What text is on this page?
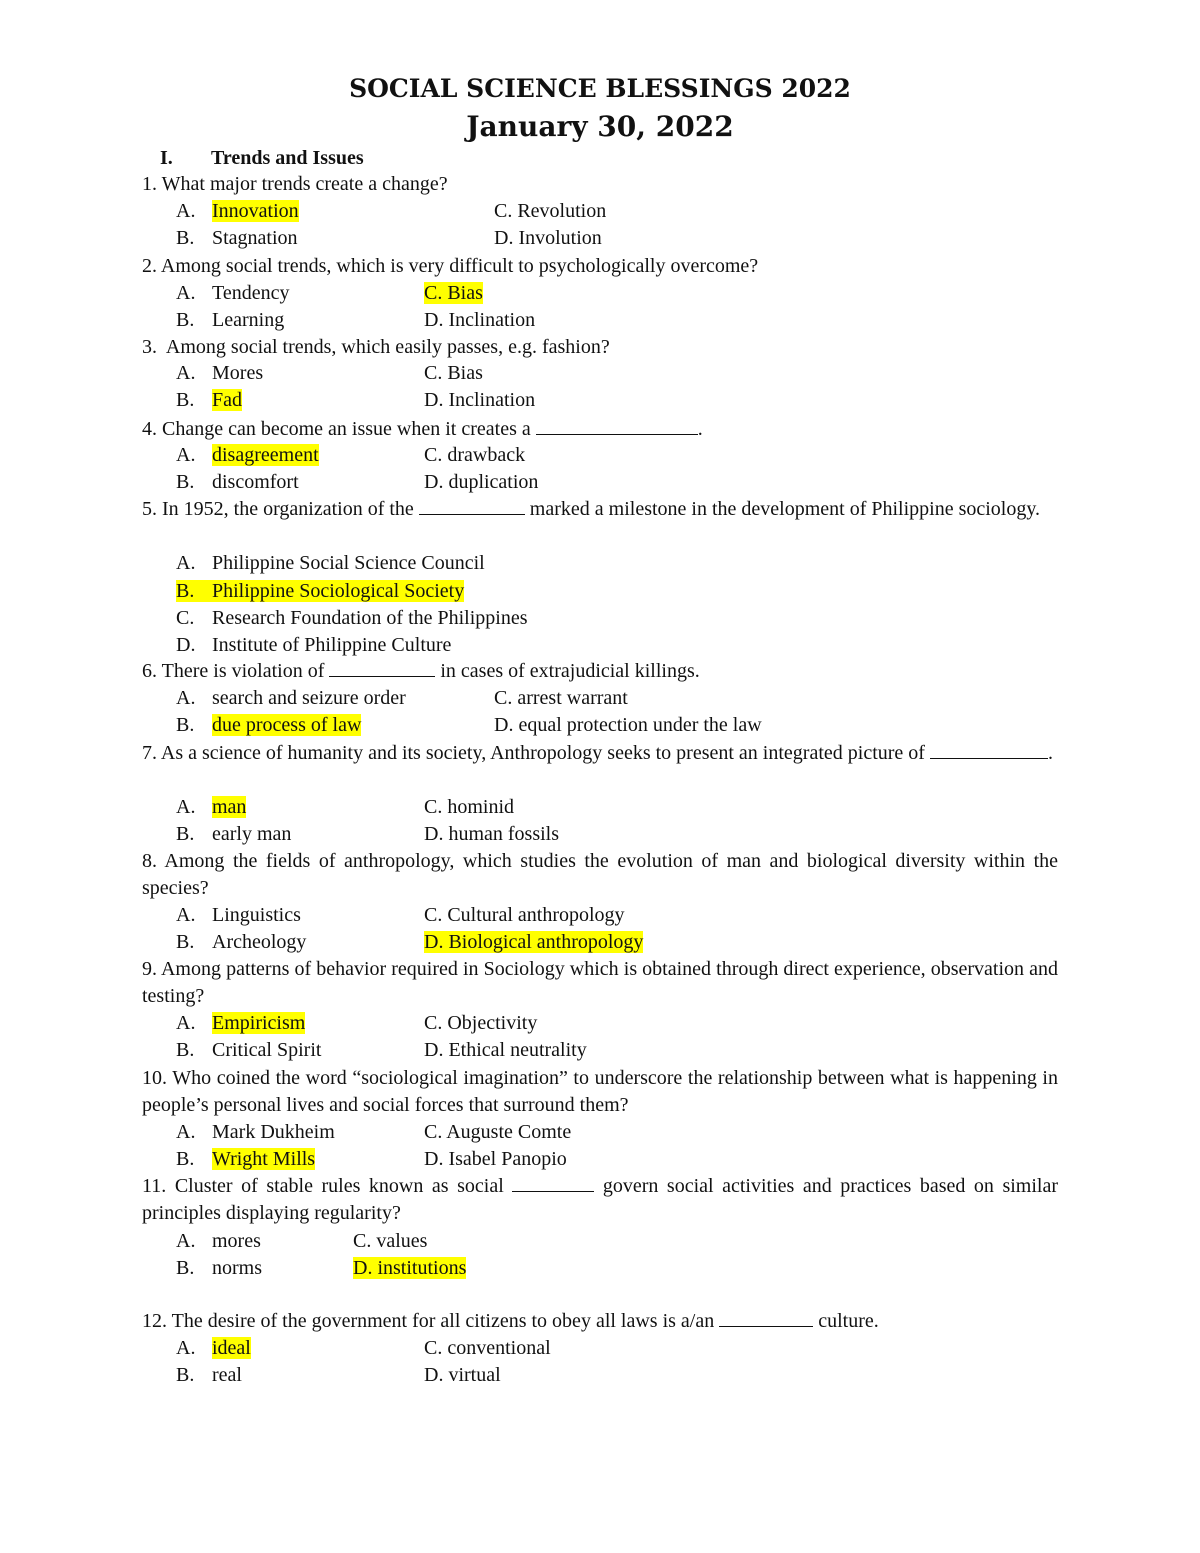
SOCIAL SCIENCE BLESSINGS 2022
January 30, 2022
I. Trends and Issues

1. What major trends create a change?

A. Innovation	C. Revolution
B. Stagnation	D. Involution

2. Among social trends, which is very difficult to psychologically overcome?

A. Tendency	C. Bias
B. Learning	D. Inclination

3. Among social trends, which easily passes, e.g. fashion?

A. Mores	C. Bias
B. Fad	D. Inclination

4. Change can become an issue when it creates a	.

A. disagreement	C. drawback
B. discomfort	D. duplication

5. In 1952, the organization of the	marked a milestone in the development of Philippine sociology.

A. Philippine Social Science Council
B. Philippine Sociological Society
C. Research Foundation of the Philippines
D. Institute of Philippine Culture

6. There is violation of	in cases of extrajudicial killings.

A. search and seizure order	C. arrest warrant
B. due process of law	D. equal protection under the law

7. As a science of humanity and its society, Anthropology seeks to present an integrated picture of	.

A. man	C. hominid
B. early man	D. human fossils

8. Among the fields of anthropology, which studies the evolution of man and biological diversity within the species?

A. Linguistics	C. Cultural anthropology
B. Archeology	D. Biological anthropology

9. Among patterns of behavior required in Sociology which is obtained through direct experience, observation and testing?

A. Empiricism	C. Objectivity
B. Critical Spirit	D. Ethical neutrality

10. Who coined the word “sociological imagination” to underscore the relationship between what is happening in people’s personal lives and social forces that surround them?

A. Mark Dukheim	C. Auguste Comte
B. Wright Mills	D. Isabel Panopio

11. Cluster of stable rules known as social	govern social activities and practices based on similar principles displaying regularity?

A. mores	C. values
B. norms	D. institutions

12. The desire of the government for all citizens to obey all laws is a/an	culture.

A. ideal	C. conventional
B. real	D. virtual
